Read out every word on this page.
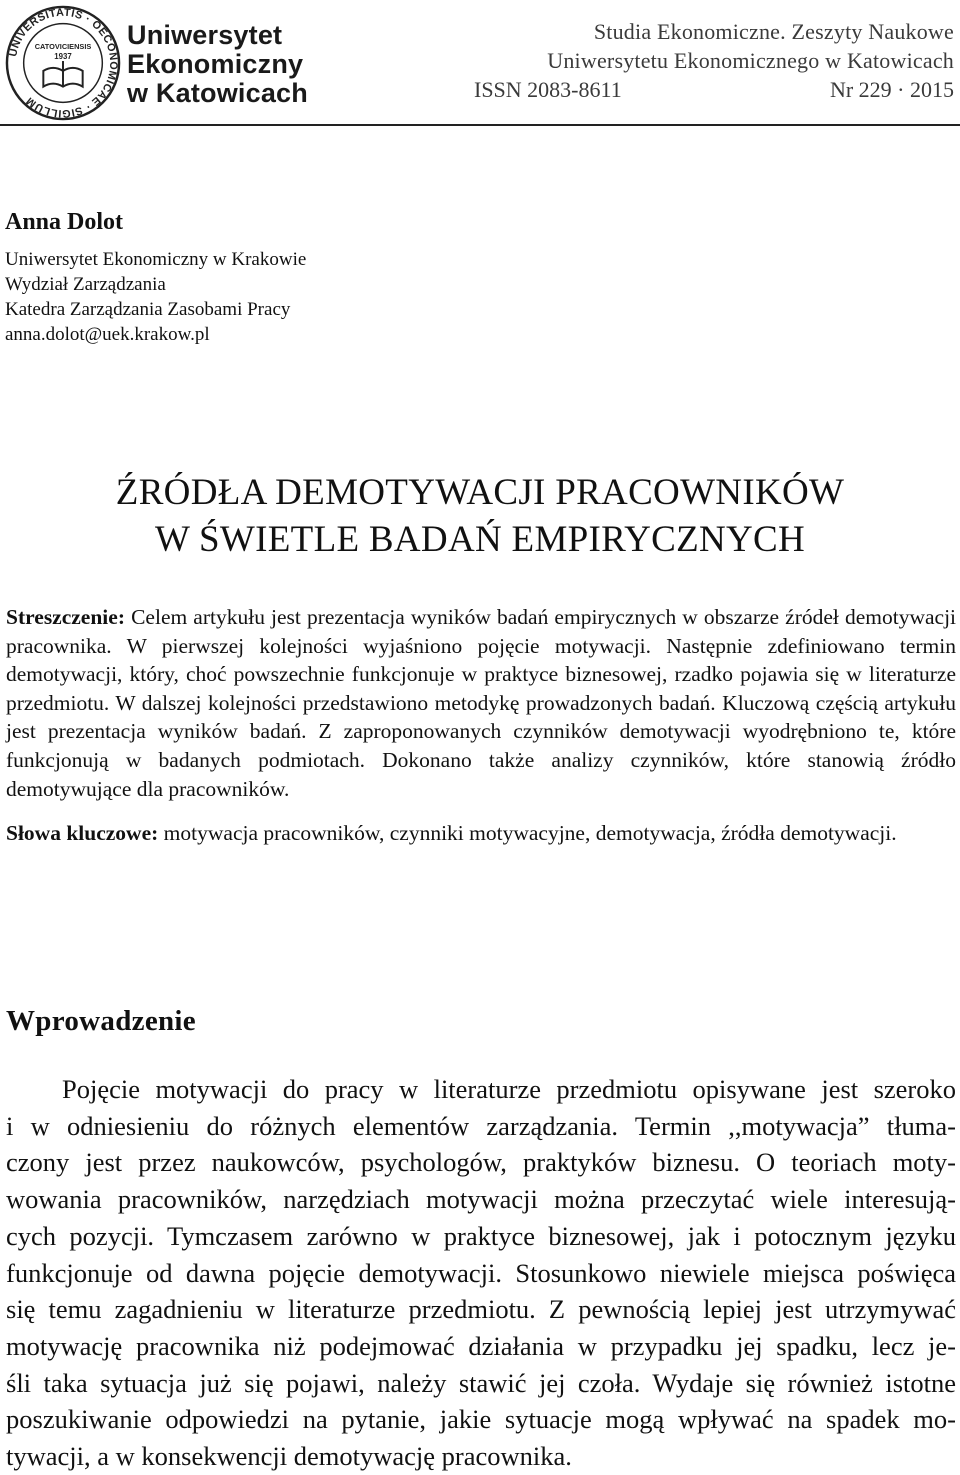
UNIVERSITATIS · OECONOMICAE · SIGILLUM
CATOVICIENSIS
1937
Uniwersytet
Ekonomiczny
w Katowicach
Studia Ekonomiczne. Zeszyty Naukowe
Uniwersytetu Ekonomicznego w Katowicach
ISSN 2083-8611	Nr 229 · 2015
Anna Dolot
Uniwersytet Ekonomiczny w Krakowie
Wydział Zarządzania
Katedra Zarządzania Zasobami Pracy
anna.dolot@uek.krakow.pl
ŹRÓDŁA DEMOTYWACJI PRACOWNIKÓW
W ŚWIETLE BADAŃ EMPIRYCZNYCH

Streszczenie: Celem artykułu jest prezentacja wyników badań empirycznych w obszarze źródeł demotywacji pracownika. W pierwszej kolejności wyjaśniono pojęcie motywacji. Następnie zdefiniowano termin demotywacji, który, choć powszechnie funkcjonuje w praktyce biznesowej, rzadko pojawia się w literaturze przedmiotu. W dalszej kolejności przedstawiono metodykę prowadzonych badań. Kluczową częścią artykułu jest prezentacja wyników badań. Z zaproponowanych czynników demotywacji wyodrębniono te, które funkcjonują w badanych podmiotach. Dokonano także analizy czynników, które stanowią źródło demotywujące dla pracowników.

Słowa kluczowe: motywacja pracowników, czynniki motywacyjne, demotywacja, źródła demotywacji.

Wprowadzenie
Pojęcie motywacji do pracy w literaturze przedmiotu opisywane jest szeroko
i w odniesieniu do różnych elementów zarządzania. Termin ,,motywacja” tłuma-
czony jest przez naukowców, psychologów, praktyków biznesu. O teoriach moty-
wowania pracowników, narzędziach motywacji można przeczytać wiele interesują-
cych pozycji. Tymczasem zarówno w praktyce biznesowej, jak i potocznym języku
funkcjonuje od dawna pojęcie demotywacji. Stosunkowo niewiele miejsca poświęca
się temu zagadnieniu w literaturze przedmiotu. Z pewnością lepiej jest utrzymywać
motywację pracownika niż podejmować działania w przypadku jej spadku, lecz je-
śli taka sytuacja już się pojawi, należy stawić jej czoła. Wydaje się również istotne
poszukiwanie odpowiedzi na pytanie, jakie sytuacje mogą wpływać na spadek mo-
tywacji, a w konsekwencji demotywację pracownika.
